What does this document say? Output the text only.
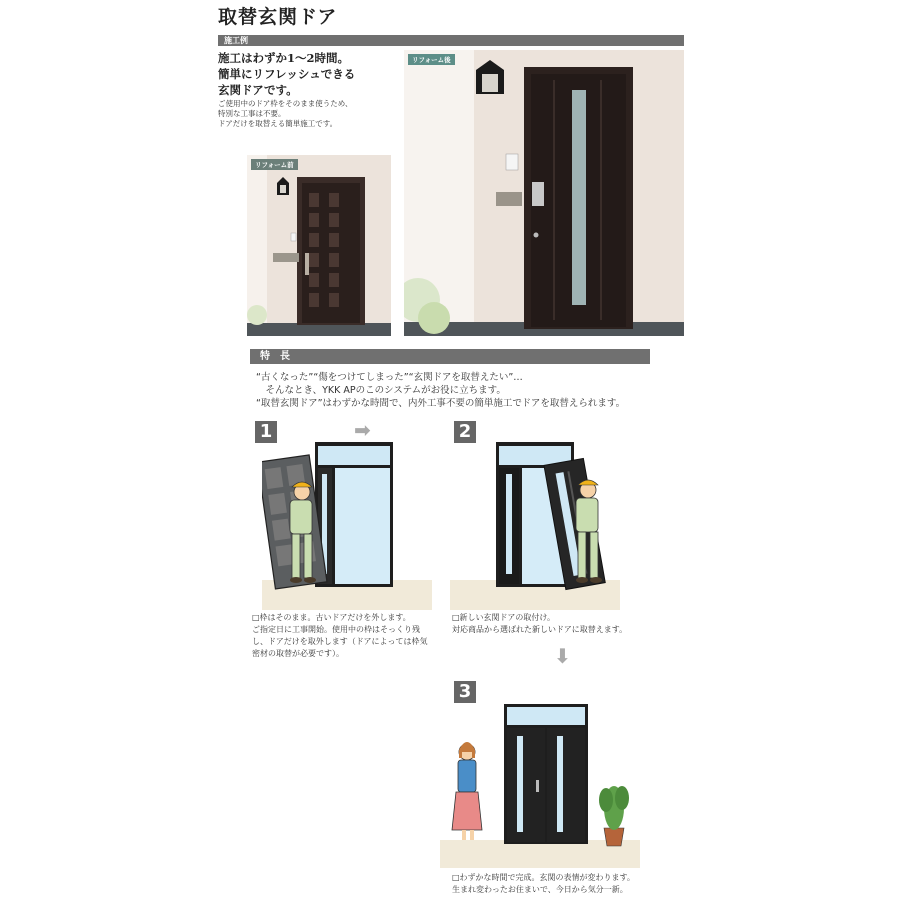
取替玄関ドア
施工例
施工はわずか1～2時間。
簡単にリフレッシュできる
玄関ドアです。
ご使用中のドア枠をそのまま使うため、
特別な工事は不要。
ドアだけを取替える簡単施工です。
リフォーム前
リフォーム後
特　長
“古くなった”“傷をつけてしまった”“玄関ドアを取替えたい”…
　そんなとき、YKK APのこのシステムがお役に立ちます。
“取替玄関ドア”はわずかな時間で、内外工事不要の簡単施工でドアを取替えられます。
1	➡
□枠はそのまま。古いドアだけを外します。
ご指定日に工事開始。使用中の枠はそっくり残
し、ドアだけを取外します（ドアによっては枠気
密材の取替が必要です）。
2
□新しい玄関ドアの取付け。
対応商品から選ばれた新しいドアに取替えます。
⬇
3
□わずかな時間で完成。玄関の表情が変わります。
生まれ変わったお住まいで、今日から気分一新。
